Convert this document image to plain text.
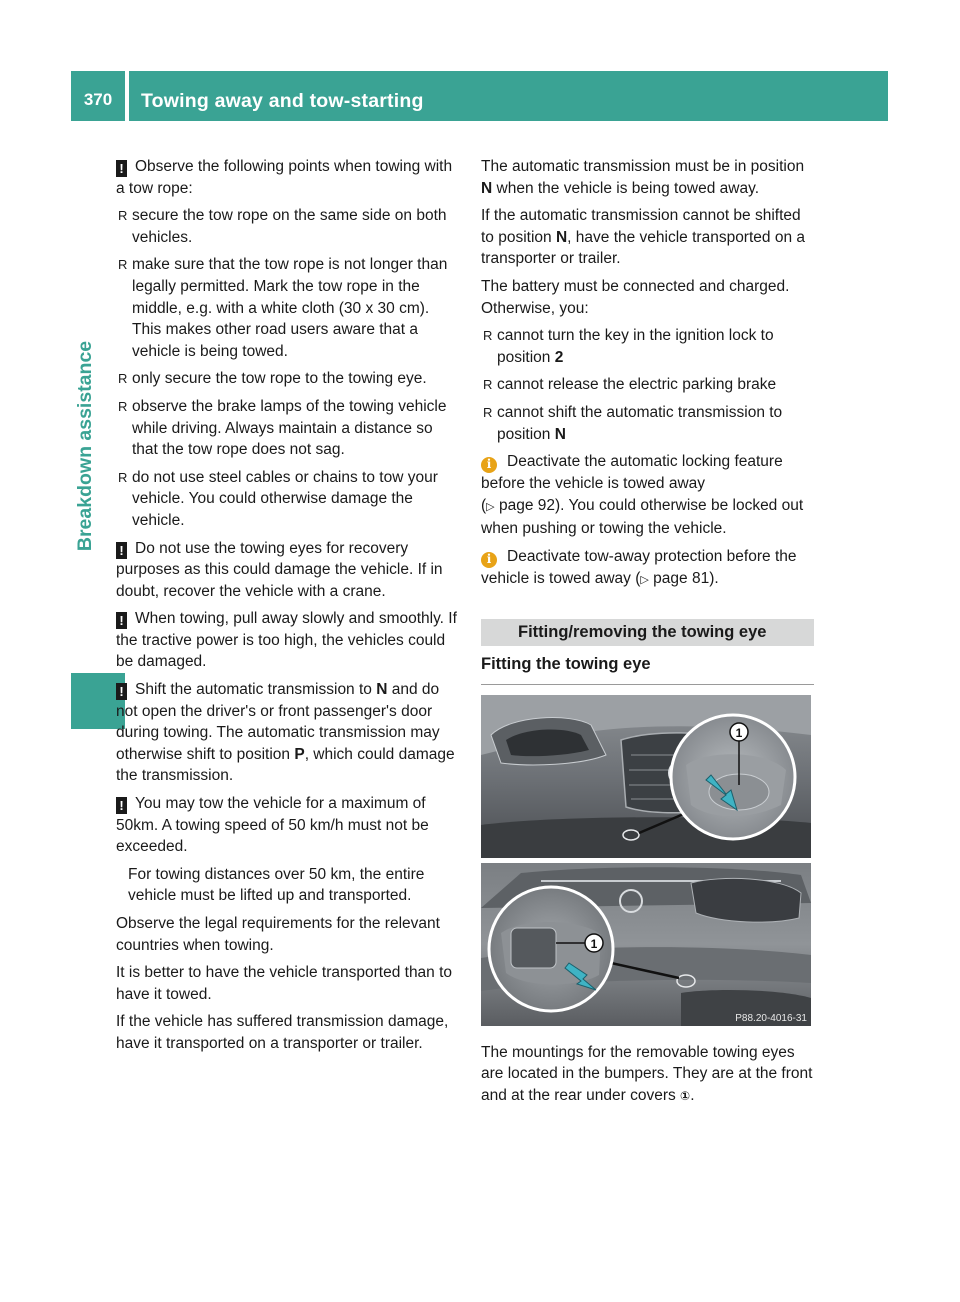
370	Towing away and tow-starting
Breakdown assistance

! Observe the following points when towing with a tow rope:

R secure the tow rope on the same side on both vehicles.
R make sure that the tow rope is not longer than legally permitted. Mark the tow rope in the middle, e.g. with a white cloth (30 x 30 cm). This makes other road users aware that a vehicle is being towed.
R only secure the tow rope to the towing eye.
R observe the brake lamps of the towing vehicle while driving. Always maintain a distance so that the tow rope does not sag.
R do not use steel cables or chains to tow your vehicle. You could otherwise damage the vehicle.

! Do not use the towing eyes for recovery purposes as this could damage the vehicle. If in doubt, recover the vehicle with a crane.

! When towing, pull away slowly and smoothly. If the tractive power is too high, the vehicles could be damaged.

! Shift the automatic transmission to N and do not open the driver's or front passenger's door during towing. The automatic transmission may otherwise shift to position P, which could damage the transmission.

! You may tow the vehicle for a maximum of 50km. A towing speed of 50 km/h must not be exceeded.

For towing distances over 50 km, the entire vehicle must be lifted up and transported.

Observe the legal requirements for the relevant countries when towing.

It is better to have the vehicle transported than to have it towed.

If the vehicle has suffered transmission damage, have it transported on a transporter or trailer.

The automatic transmission must be in position N when the vehicle is being towed away.

If the automatic transmission cannot be shifted to position N, have the vehicle transported on a transporter or trailer.

The battery must be connected and charged. Otherwise, you:

R cannot turn the key in the ignition lock to position 2
R cannot release the electric parking brake
R cannot shift the automatic transmission to position N

i Deactivate the automatic locking feature before the vehicle is towed away
(▷ page 92). You could otherwise be locked out when pushing or towing the vehicle.

i Deactivate tow-away protection before the vehicle is towed away (▷ page 81).

Fitting/removing the towing eye
Fitting the towing eye
1
1
P88.20-4016-31

The mountings for the removable towing eyes are located in the bumpers. They are at the front and at the rear under covers ①.
